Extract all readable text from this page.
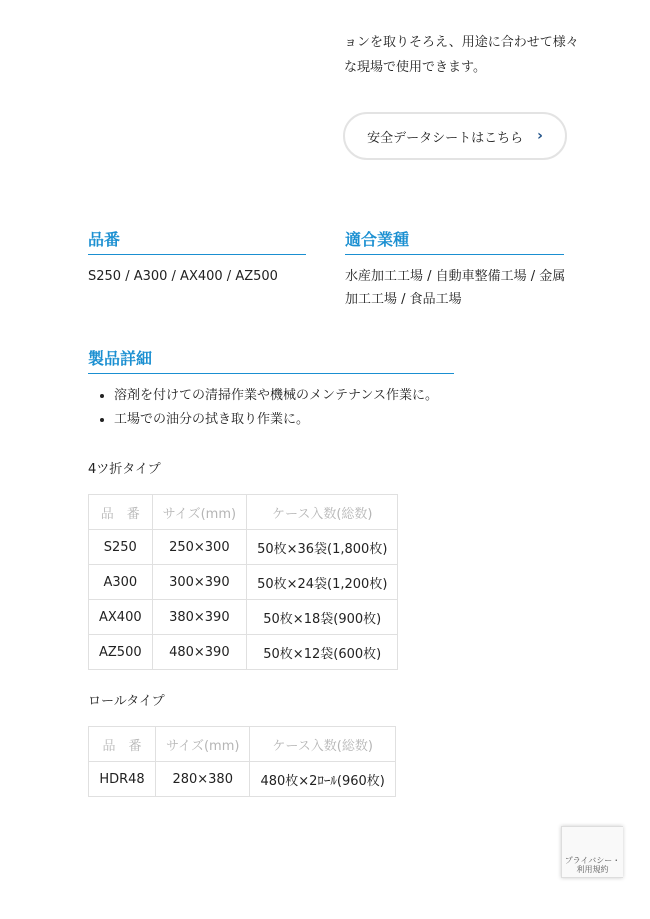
ョンを取りそろえ、用途に合わせて様々
な現場で使用できます。
安全データシートはこちら ›
品番
S250 / A300 / AX400 / AZ500
適合業種
水産加工工場 / 自動車整備工場 / 金属
加工工場 / 食品工場
製品詳細
• 溶剤を付けての清掃作業や機械のメンテナンス作業に。
• 工場での油分の拭き取り作業に。
4ツ折タイプ
品　番	サイズ(mm)	ケース入数(総数)
S250	250×300	50枚×36袋(1,800枚)
A300	300×390	50枚×24袋(1,200枚)
AX400	380×390	50枚×18袋(900枚)
AZ500	480×390	50枚×12袋(600枚)
ロールタイプ
品　番	サイズ(mm)	ケース入数(総数)
HDR48	280×380	480枚×2ﾛｰﾙ(960枚)
プライバシー・
利用規約
